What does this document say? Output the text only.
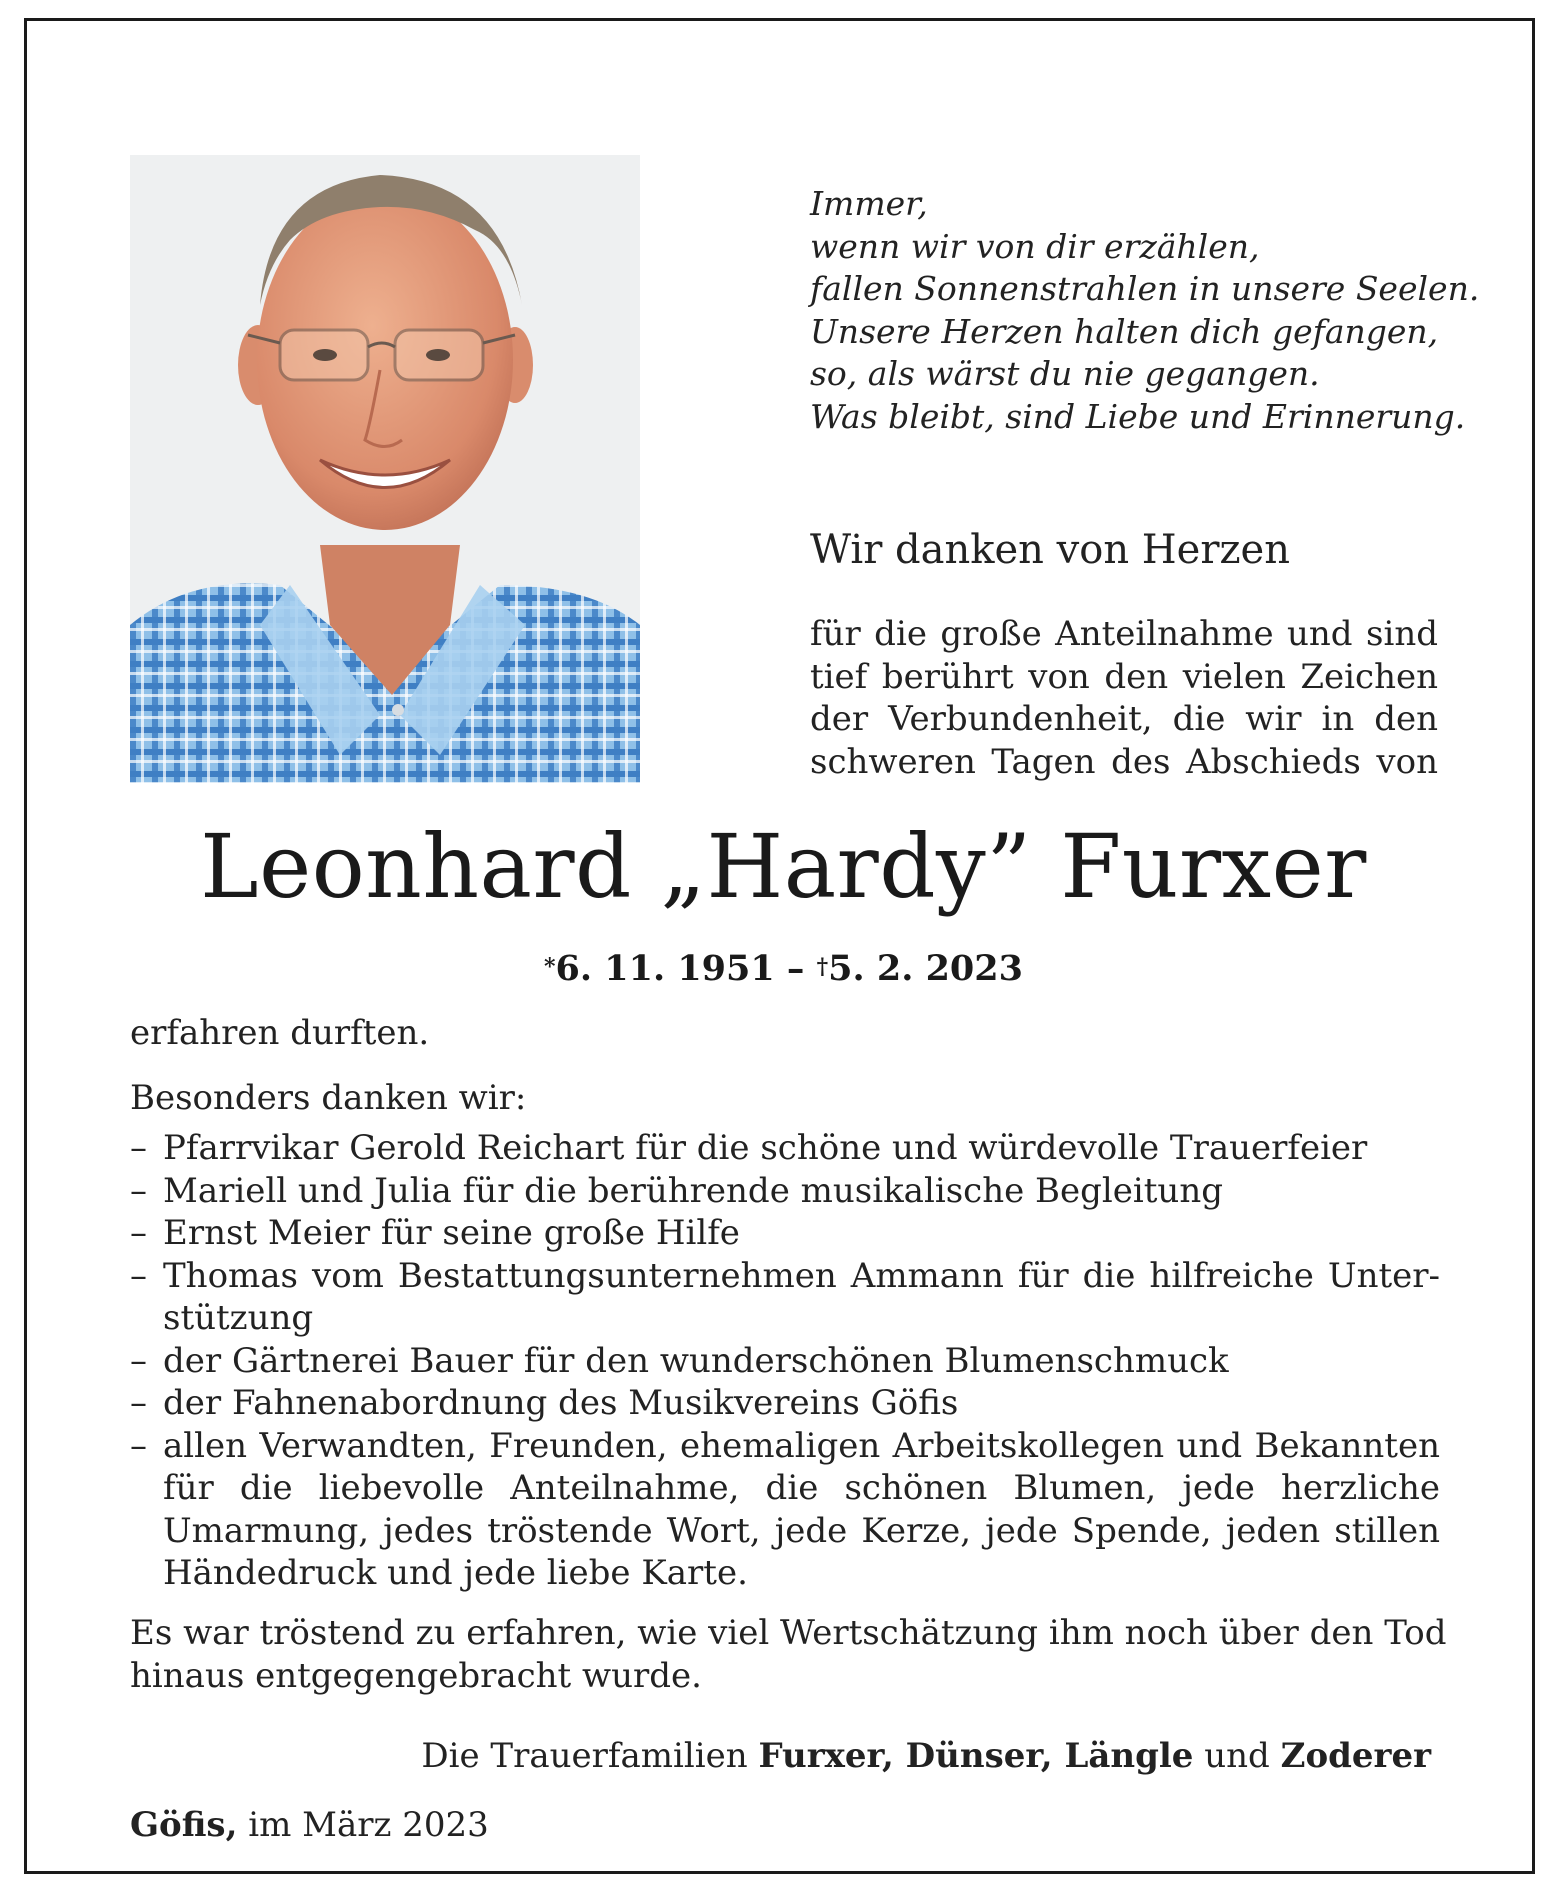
Immer,
wenn wir von dir erzählen,
fallen Sonnenstrahlen in unsere Seelen.
Unsere Herzen halten dich gefangen,
so, als wärst du nie gegangen.
Was bleibt, sind Liebe und Erinnerung.
Wir danken von Herzen
für die große Anteilnahme und sind
tief berührt von den vielen Zeichen
der Verbundenheit, die wir in den
schweren Tagen des Abschieds von
Leonhard „Hardy” Furxer
*6. 11. 1951 – †5. 2. 2023
erfahren durften.
Besonders danken wir:
– Pfarrvikar Gerold Reichart für die schöne und würdevolle Trauerfeier
– Mariell und Julia für die berührende musikalische Begleitung
– Ernst Meier für seine große Hilfe
– Thomas vom Bestattungsunternehmen Ammann für die hilfreiche Unter-
stützung
– der Gärtnerei Bauer für den wunderschönen Blumenschmuck
– der Fahnenabordnung des Musikvereins Göfis
– allen Verwandten, Freunden, ehemaligen Arbeitskollegen und Bekannten
für die liebevolle Anteilnahme, die schönen Blumen, jede herzliche
Umarmung, jedes tröstende Wort, jede Kerze, jede Spende, jeden stillen
Händedruck und jede liebe Karte.
Es war tröstend zu erfahren, wie viel Wertschätzung ihm noch über den Tod
hinaus entgegengebracht wurde.
Die Trauerfamilien Furxer, Dünser, Längle und Zoderer
Göfis, im März 2023
